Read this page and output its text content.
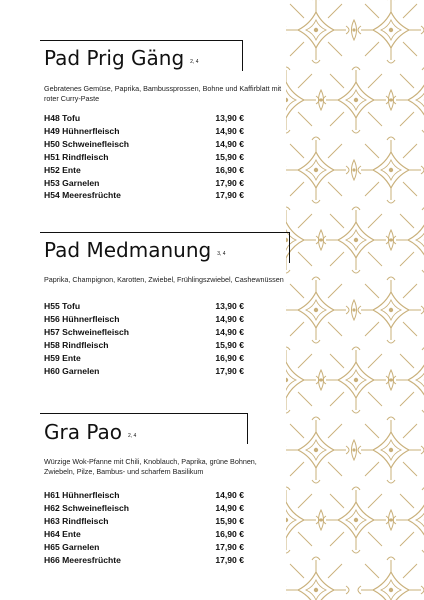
Pad Prig Gäng $^{2, 4}$
Gebratenes Gemüse, Paprika, Bambussprossen, Bohne und Kaffirblatt mit roter Curry-Paste
H48 Tofu	13,90 €
H49 Hühnerfleisch	14,90 €
H50 Schweinefleisch	14,90 €
H51 Rindfleisch	15,90 €
H52 Ente	16,90 €
H53 Garnelen	17,90 €
H54 Meeresfrüchte	17,90 €
Pad Medmanung $^{3, 4}$
Paprika, Champignon, Karotten, Zwiebel, Frühlingszwiebel, Cashewnüssen
H55 Tofu	13,90 €
H56 Hühnerfleisch	14,90 €
H57 Schweinefleisch	14,90 €
H58 Rindfleisch	15,90 €
H59 Ente	16,90 €
H60 Garnelen	17,90 €
Gra Pao $^{2, 4}$
Würzige Wok-Pfanne mit Chili, Knoblauch, Paprika, grüne Bohnen, Zwiebeln, Pilze, Bambus- und scharfem Basilikum
H61 Hühnerfleisch	14,90 €
H62 Schweinefleisch	14,90 €
H63 Rindfleisch	15,90 €
H64 Ente	16,90 €
H65 Garnelen	17,90 €
H66 Meeresfrüchte	17,90 €
